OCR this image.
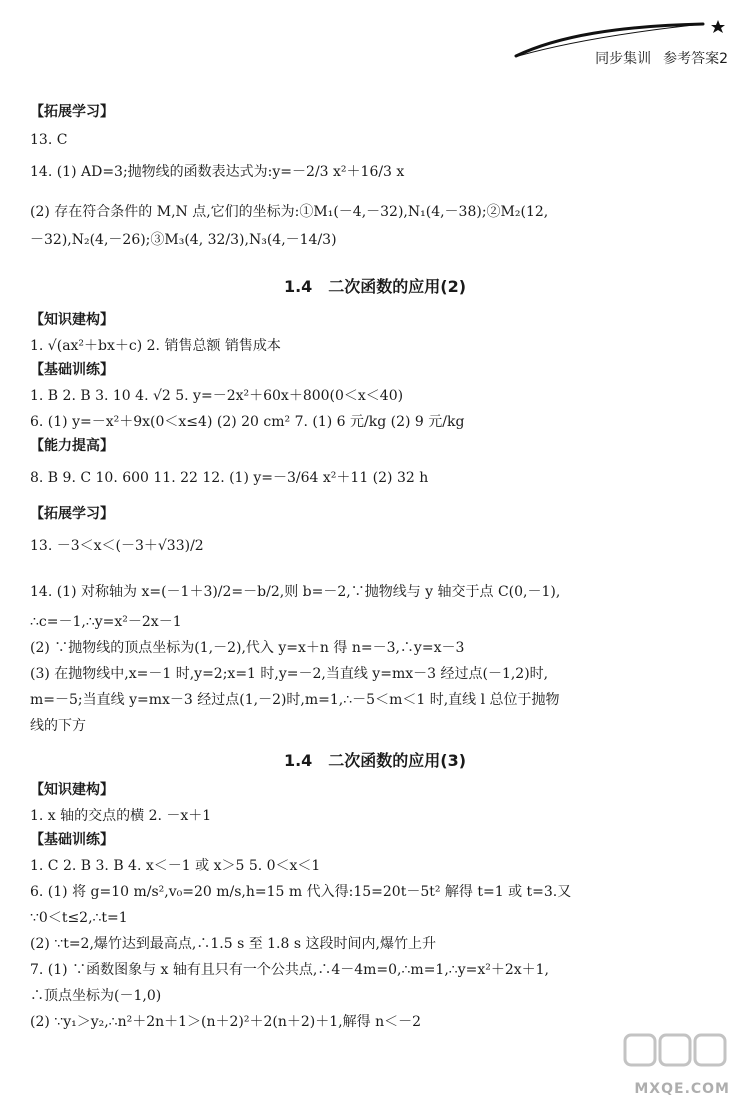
同步集训 参考答案2
【拓展学习】
13. C
14. (1) AD=3;抛物线的函数表达式为:y=－2/3 x²＋16/3 x
(2) 存在符合条件的 M,N 点,它们的坐标为:①M₁(－4,－32),N₁(4,－38);②M₂(12,
－32),N₂(4,－26);③M₃(4, 32/3),N₃(4,－14/3)
1.4　二次函数的应用(2)
【知识建构】
1. √(ax²＋bx＋c) 2. 销售总额 销售成本
【基础训练】
1. B 2. B 3. 10 4. √2 5. y=－2x²＋60x＋800(0＜x＜40)
6. (1) y=－x²＋9x(0＜x≤4) (2) 20 cm² 7. (1) 6 元/kg (2) 9 元/kg
【能力提高】
8. B 9. C 10. 600 11. 22 12. (1) y=－3/64 x²＋11 (2) 32 h
【拓展学习】
13. －3＜x＜(－3＋√33)/2
14. (1) 对称轴为 x=(－1＋3)/2=－b/2,则 b=－2,∵抛物线与 y 轴交于点 C(0,－1),
∴c=－1,∴y=x²－2x－1
(2) ∵抛物线的顶点坐标为(1,－2),代入 y=x＋n 得 n=－3,∴y=x－3
(3) 在抛物线中,x=－1 时,y=2;x=1 时,y=－2,当直线 y=mx－3 经过点(－1,2)时,
m=－5;当直线 y=mx－3 经过点(1,－2)时,m=1,∴－5＜m＜1 时,直线 l 总位于抛物
线的下方
1.4　二次函数的应用(3)
【知识建构】
1. x 轴的交点的横 2. －x＋1
【基础训练】
1. C 2. B 3. B 4. x＜－1 或 x＞5 5. 0＜x＜1
6. (1) 将 g=10 m/s²,v₀=20 m/s,h=15 m 代入得:15=20t－5t² 解得 t=1 或 t=3.又
∵0＜t≤2,∴t=1
(2) ∵t=2,爆竹达到最高点,∴1.5 s 至 1.8 s 这段时间内,爆竹上升
7. (1) ∵函数图象与 x 轴有且只有一个公共点,∴4－4m=0,∴m=1,∴y=x²＋2x＋1,
∴顶点坐标为(－1,0)
(2) ∵y₁＞y₂,∴n²＋2n＋1＞(n＋2)²＋2(n＋2)＋1,解得 n＜－2
MXQE.COM
